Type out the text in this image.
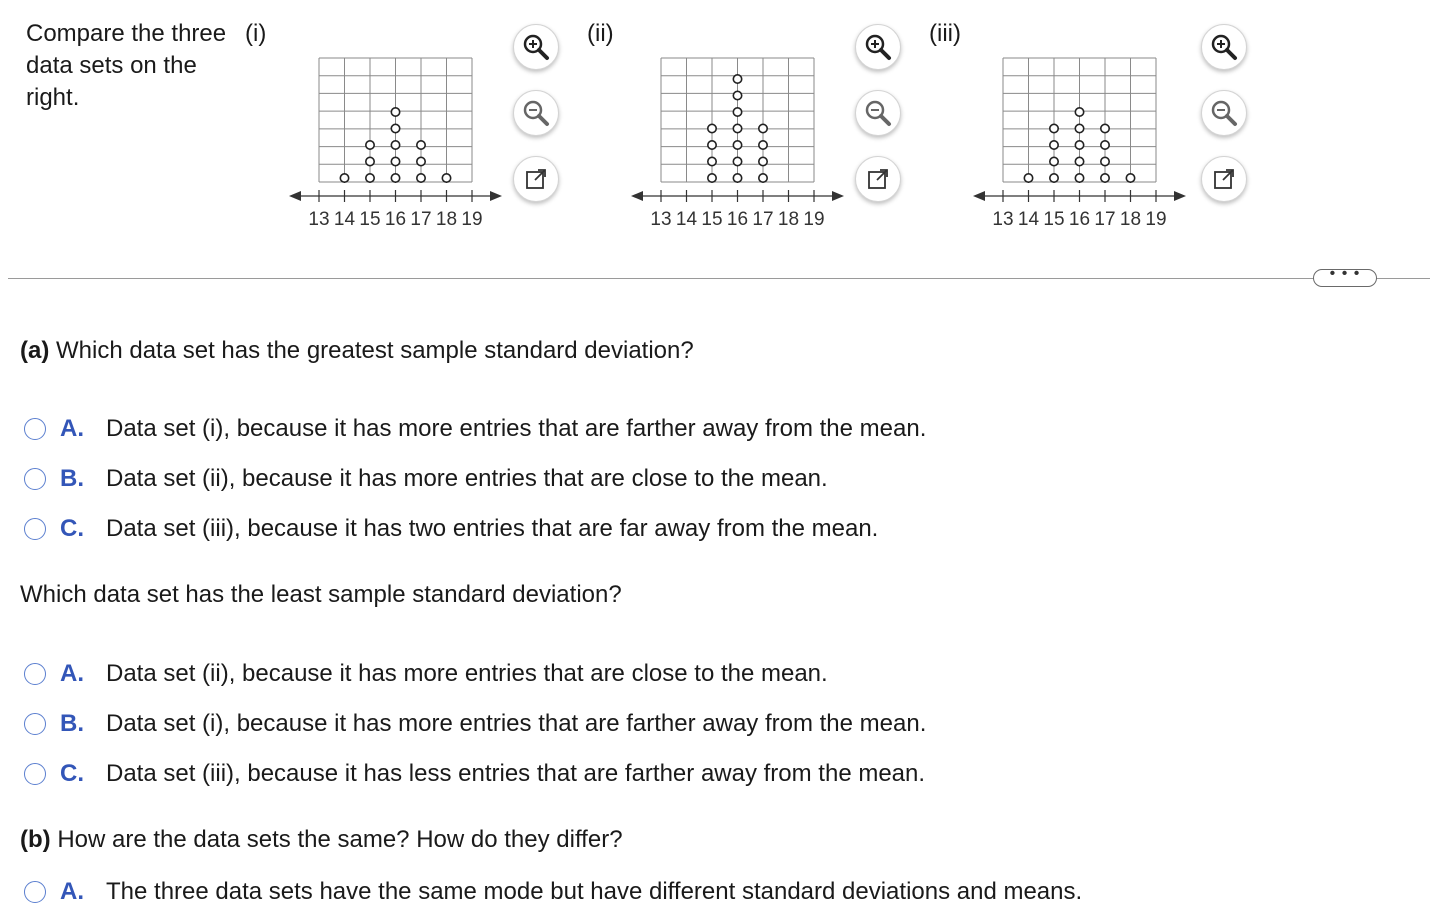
Compare the three data sets on the right.
(i)
13 14 15 16 17 18 19
(ii)
13 14 15 16 17 18 19
(iii)
13 14 15 16 17 18 19
• • •
(a) Which data set has the greatest sample standard deviation?
A. Data set (i), because it has more entries that are farther away from the mean.
B. Data set (ii), because it has more entries that are close to the mean.
C. Data set (iii), because it has two entries that are far away from the mean.
Which data set has the least sample standard deviation?
A. Data set (ii), because it has more entries that are close to the mean.
B. Data set (i), because it has more entries that are farther away from the mean.
C. Data set (iii), because it has less entries that are farther away from the mean.
(b) How are the data sets the same? How do they differ?
A. The three data sets have the same mode but have different standard deviations and means.
